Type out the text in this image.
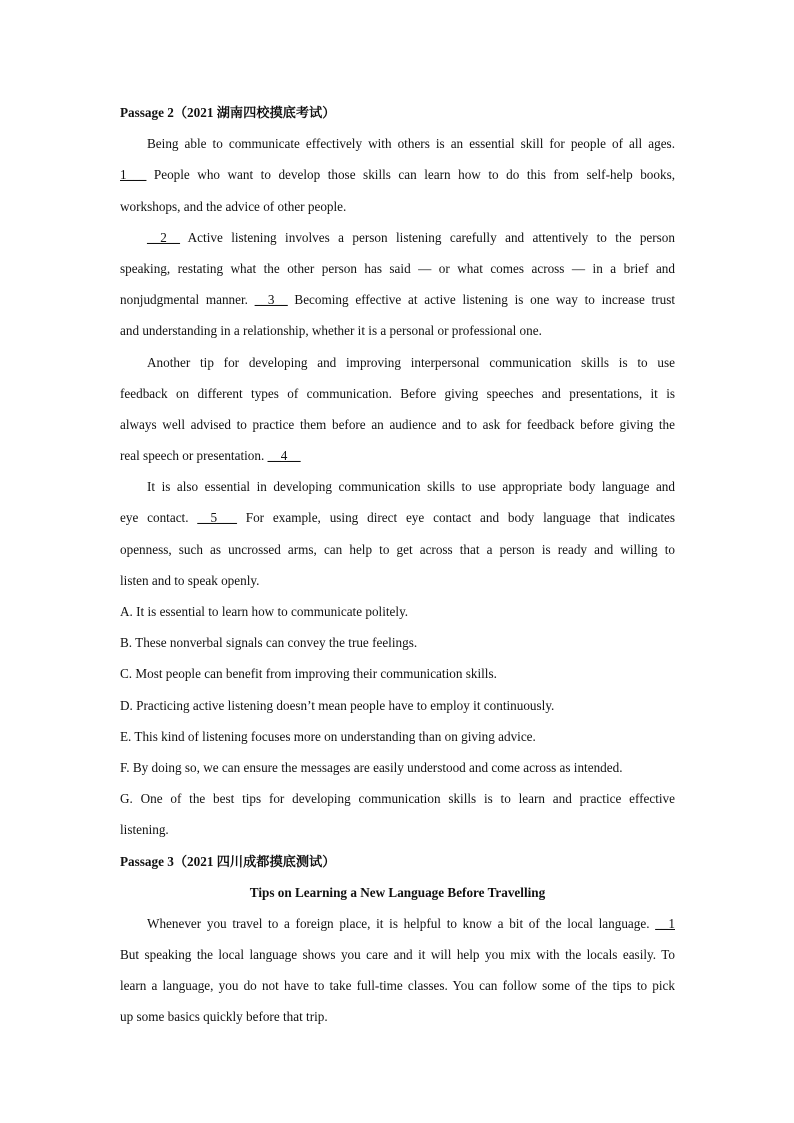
Passage 2（2021 湖南四校摸底考试）
Being able to communicate effectively with others is an essential skill for people of all ages.
1___ People who want to develop those skills can learn how to do this from self-help books,
workshops, and the advice of other people.
__2__ Active listening involves a person listening carefully and attentively to the person
speaking, restating what the other person has said — or what comes across — in a brief and
nonjudgmental manner. __3__ Becoming effective at active listening is one way to increase trust
and understanding in a relationship, whether it is a personal or professional one.
Another tip for developing and improving interpersonal communication skills is to use
feedback on different types of communication. Before giving speeches and presentations, it is
always well advised to practice them before an audience and to ask for feedback before giving the
real speech or presentation. __4__
It is also essential in developing communication skills to use appropriate body language and
eye contact. __5___ For example, using direct eye contact and body language that indicates
openness, such as uncrossed arms, can help to get across that a person is ready and willing to
listen and to speak openly.
A. It is essential to learn how to communicate politely.
B. These nonverbal signals can convey the true feelings.
C. Most people can benefit from improving their communication skills.
D. Practicing active listening doesn’t mean people have to employ it continuously.
E. This kind of listening focuses more on understanding than on giving advice.
F. By doing so, we can ensure the messages are easily understood and come across as intended.
G. One of the best tips for developing communication skills is to learn and practice effective
listening.
Passage 3（2021 四川成都摸底测试）
Tips on Learning a New Language Before Travelling
Whenever you travel to a foreign place, it is helpful to know a bit of the local language. __1
But speaking the local language shows you care and it will help you mix with the locals easily. To
learn a language, you do not have to take full-time classes. You can follow some of the tips to pick
up some basics quickly before that trip.
